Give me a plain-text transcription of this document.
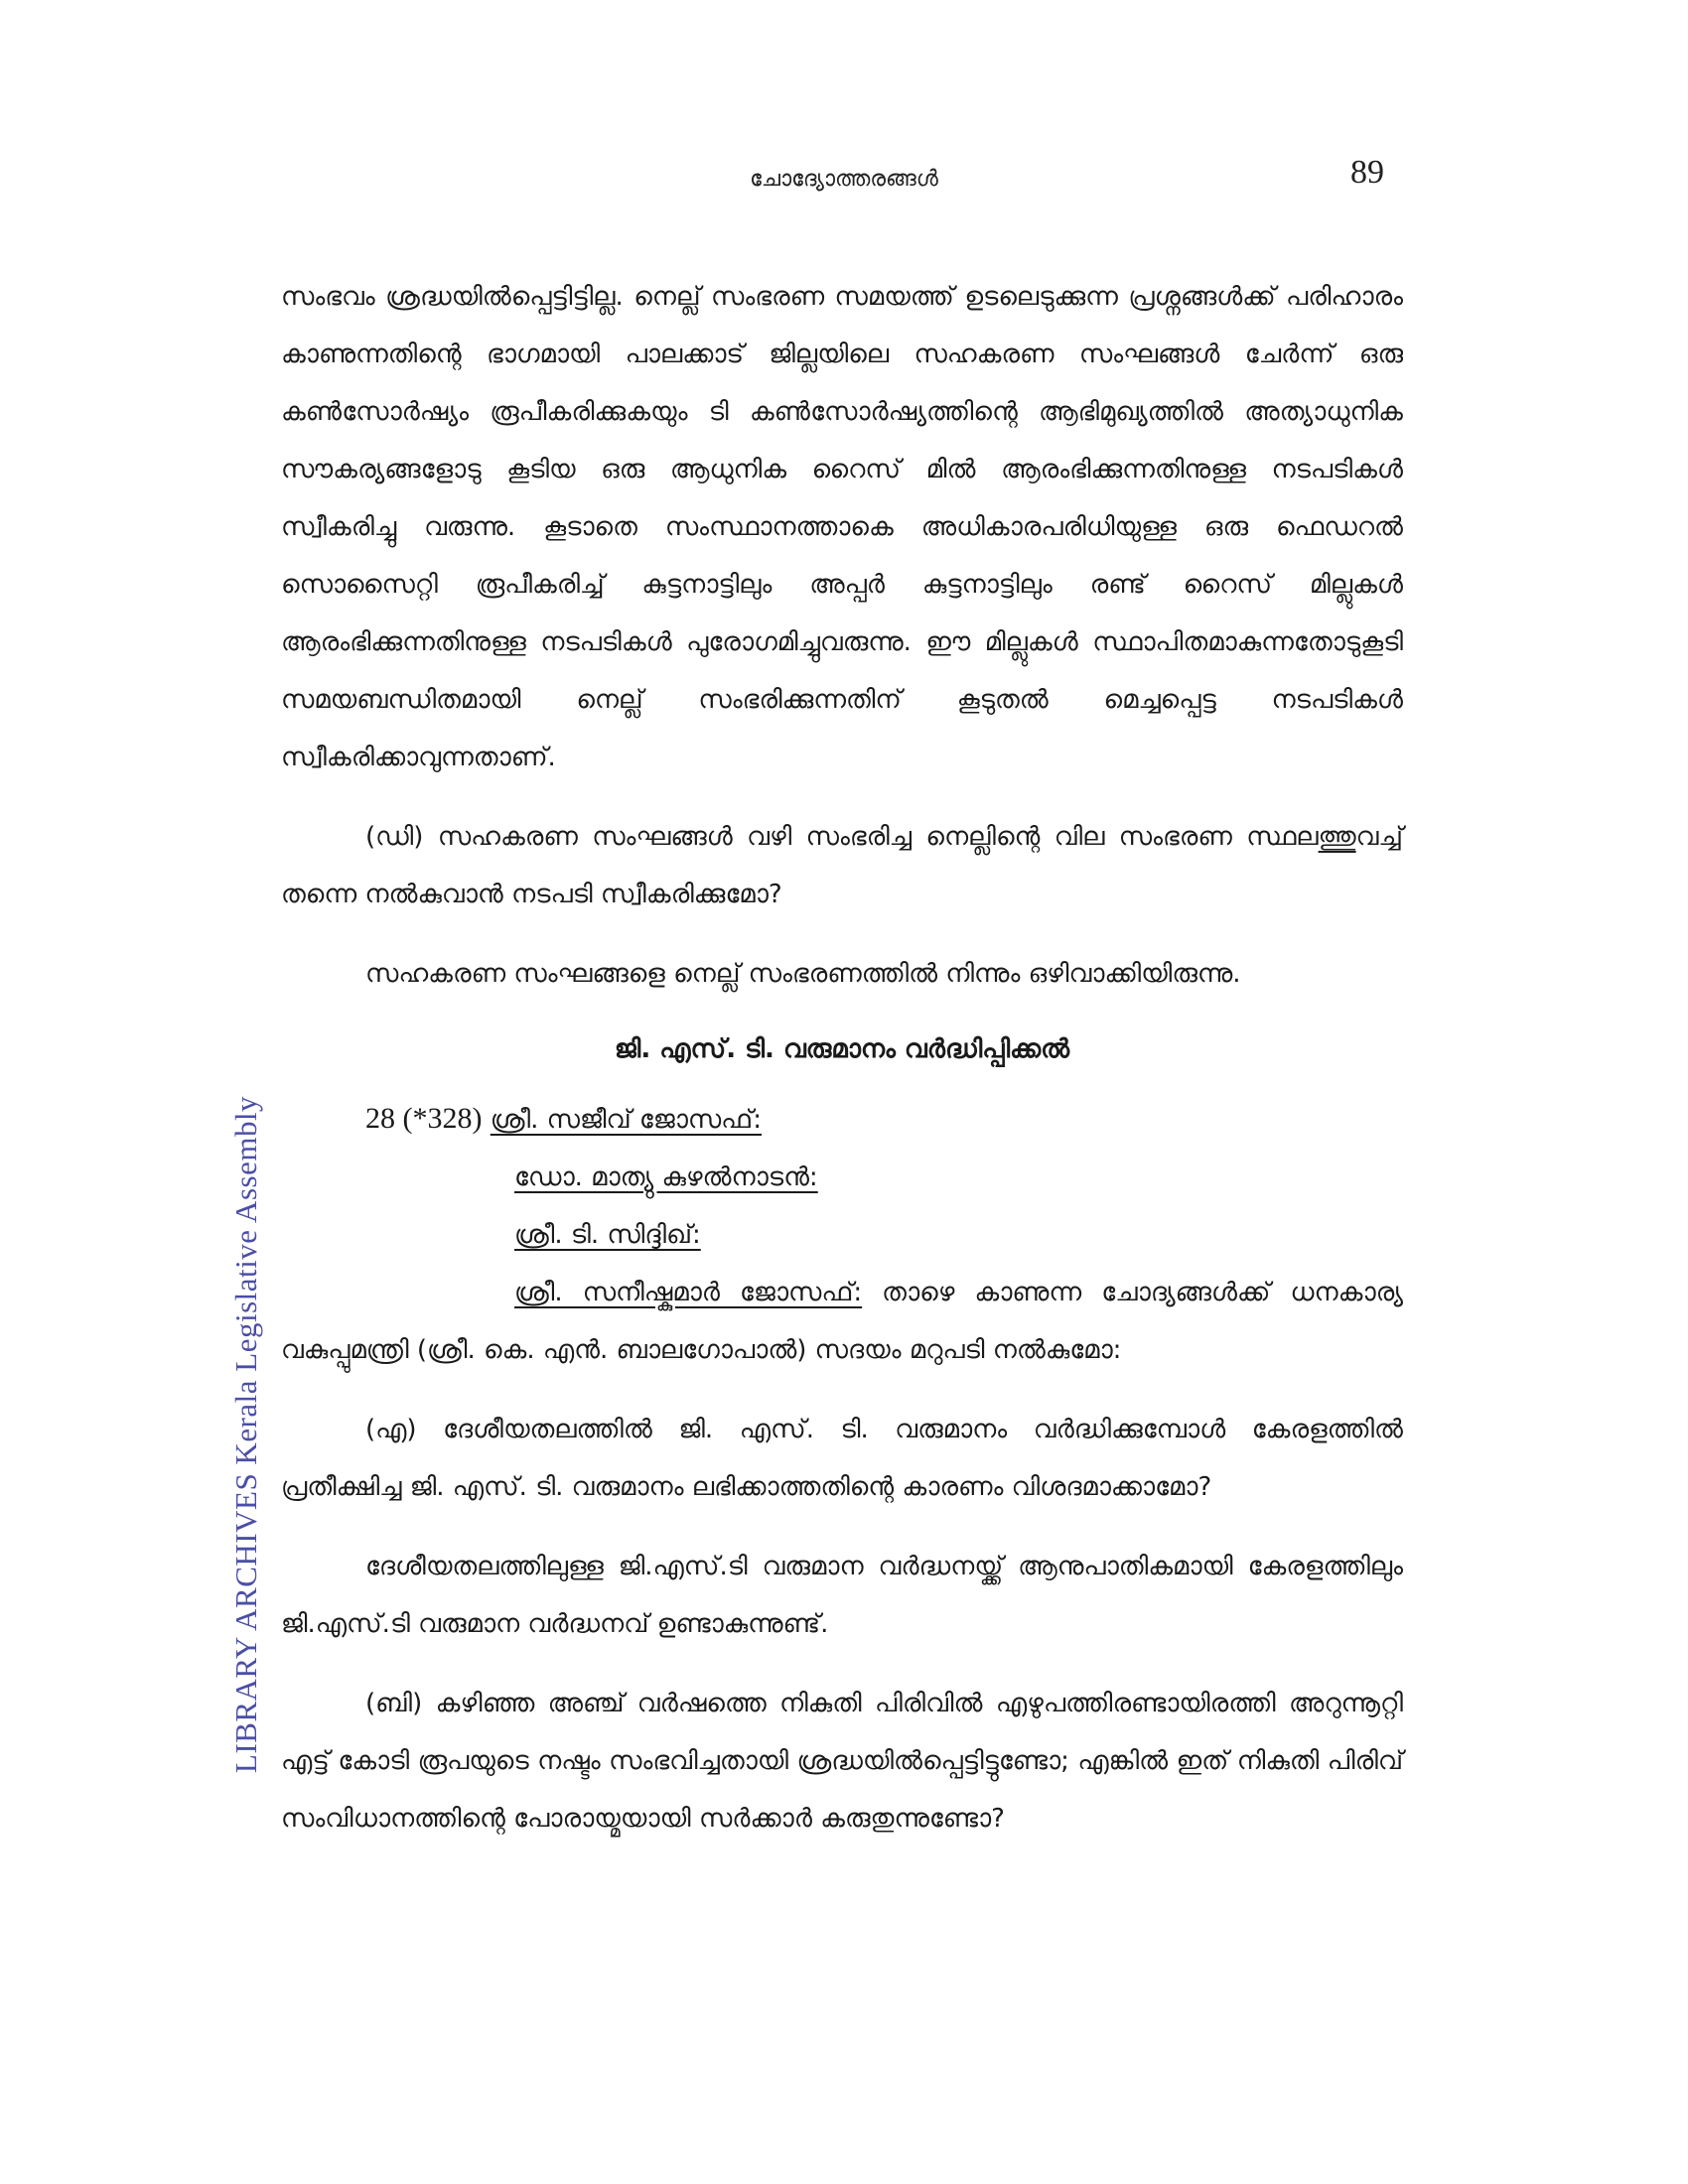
ചോദ്യോത്തരങ്ങൾ	89
LIBRARY ARCHIVES Kerala Legislative Assembly

സംഭവം ശ്രദ്ധയിൽപ്പെട്ടിട്ടില്ല. നെല്ല് സംഭരണ സമയത്ത് ഉടലെടുക്കുന്ന പ്രശ്നങ്ങൾക്ക് പരിഹാരം കാണുന്നതിന്റെ ഭാഗമായി പാലക്കാട് ജില്ലയിലെ സഹകരണ സംഘങ്ങൾ ചേർന്ന് ഒരു കൺസോർഷ്യം രൂപീകരിക്കുകയും ടി കൺസോർഷ്യത്തിന്റെ ആഭിമുഖ്യത്തിൽ അത്യാധുനിക സൗകര്യങ്ങളോടു കൂടിയ ഒരു ആധുനിക റൈസ് മിൽ ആരംഭിക്കുന്നതിനുള്ള നടപടികൾ സ്വീകരിച്ചു വരുന്നു. കൂടാതെ സംസ്ഥാനത്താകെ അധികാരപരിധിയുള്ള ഒരു ഫെഡറൽ സൊസൈറ്റി രൂപീകരിച്ച് കുട്ടനാട്ടിലും അപ്പർ കുട്ടനാട്ടിലും രണ്ട് റൈസ് മില്ലുകൾ ആരംഭിക്കുന്നതിനുള്ള നടപടികൾ പുരോഗമിച്ചുവരുന്നു. ഈ മില്ലുകൾ സ്ഥാപിതമാകുന്നതോടുകൂടി സമയബന്ധിതമായി നെല്ല് സംഭരിക്കുന്നതിന് കൂടുതൽ മെച്ചപ്പെട്ട നടപടികൾ സ്വീകരിക്കാവുന്നതാണ്.

(ഡി) സഹകരണ സംഘങ്ങൾ വഴി സംഭരിച്ച നെല്ലിന്റെ വില സംഭരണ സ്ഥലത്തുവച്ച് തന്നെ നൽകുവാൻ നടപടി സ്വീകരിക്കുമോ?

സഹകരണ സംഘങ്ങളെ നെല്ല് സംഭരണത്തിൽ നിന്നും ഒഴിവാക്കിയിരുന്നു.

ജി. എസ്. ടി. വരുമാനം വർദ്ധിപ്പിക്കൽ
28 (*328) ശ്രീ. സജീവ് ജോസഫ്:
ഡോ. മാത്യു കുഴൽനാടൻ:
ശ്രീ. ടി. സിദ്ദിഖ്:

ശ്രീ. സനീഷ്കുമാർ ജോസഫ്: താഴെ കാണുന്ന ചോദ്യങ്ങൾക്ക് ധനകാര്യ വകുപ്പുമന്ത്രി (ശ്രീ. കെ. എൻ. ബാലഗോപാൽ) സദയം മറുപടി നൽകുമോ:

(എ) ദേശീയതലത്തിൽ ജി. എസ്. ടി. വരുമാനം വർദ്ധിക്കുമ്പോൾ കേരളത്തിൽ പ്രതീക്ഷിച്ച ജി. എസ്. ടി. വരുമാനം ലഭിക്കാത്തതിന്റെ കാരണം വിശദമാക്കാമോ?

ദേശീയതലത്തിലുള്ള ജി.എസ്.ടി വരുമാന വർദ്ധനയ്ക്ക് ആനുപാതികമായി കേരളത്തിലും ജി.എസ്.ടി വരുമാന വർദ്ധനവ് ഉണ്ടാകുന്നുണ്ട്.

(ബി) കഴിഞ്ഞ അഞ്ച് വർഷത്തെ നികുതി പിരിവിൽ എഴുപത്തിരണ്ടായിരത്തി അറുന്നൂറ്റി എട്ട് കോടി രൂപയുടെ നഷ്ടം സംഭവിച്ചതായി ശ്രദ്ധയിൽപ്പെട്ടിട്ടുണ്ടോ; എങ്കിൽ ഇത് നികുതി പിരിവ് സംവിധാനത്തിന്റെ പോരായ്മയായി സർക്കാർ കരുതുന്നുണ്ടോ?
